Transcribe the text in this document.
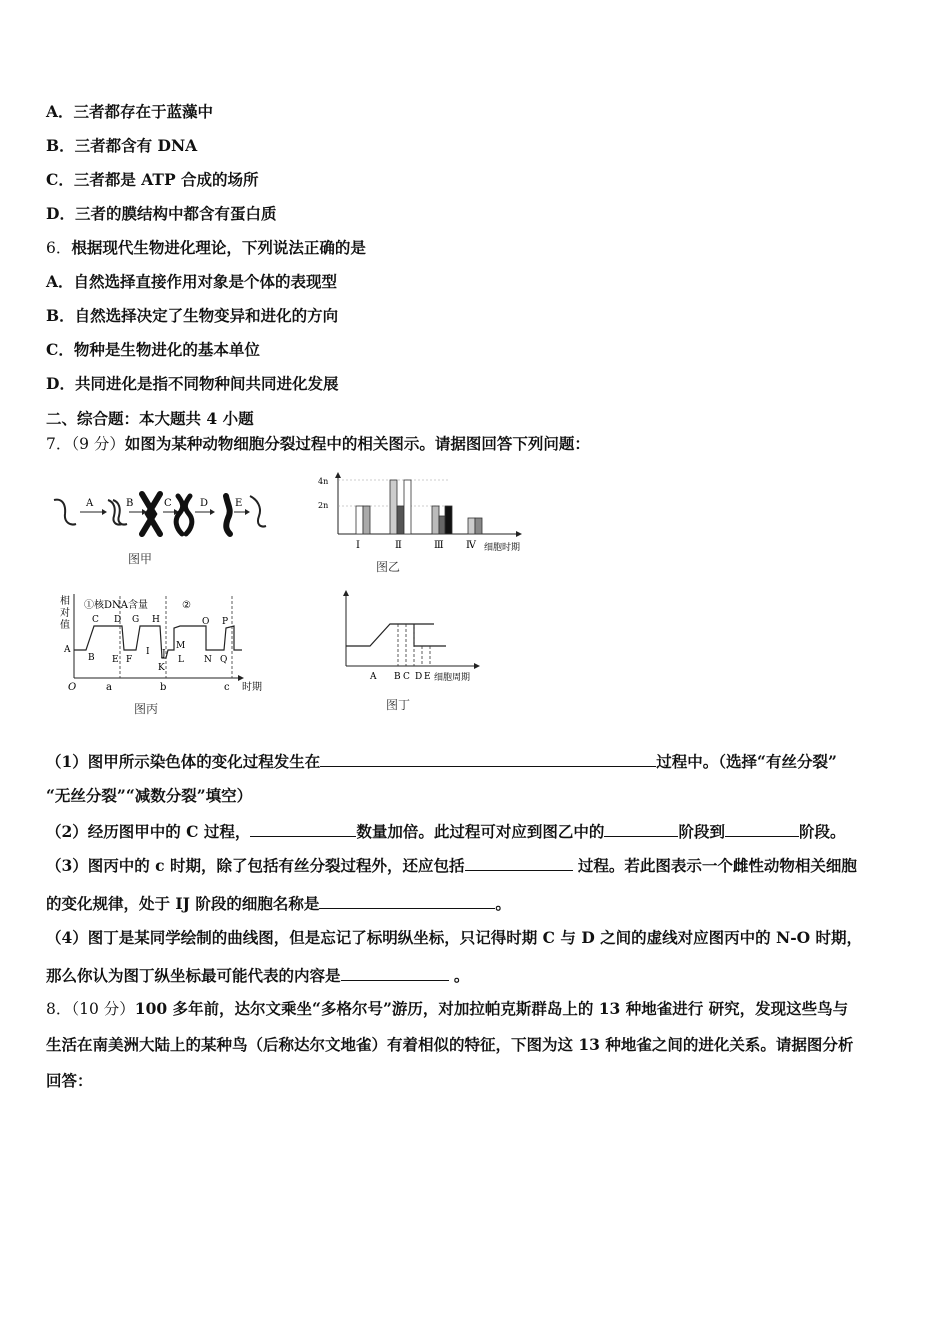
A．三者都存在于蓝藻中
B．三者都含有 DNA
C．三者都是 ATP 合成的场所
D．三者的膜结构中都含有蛋白质
6．根据现代生物进化理论，下列说法正确的是
A．自然选择直接作用对象是个体的表现型
B．自然选择决定了生物变异和进化的方向
C．物种是生物进化的基本单位
D．共同进化是指不同物种间共同进化发展
二、综合题：本大题共 4 小题
7．（9 分）如图为某种动物细胞分裂过程中的相关图示。请据图回答下列问题：
A	B	C	D	E
图甲
4n
2n
Ⅰ	Ⅱ	Ⅲ Ⅳ 细胞时期
图乙
相
对
值
①核DNA含量	②
C D G H
M
O P
A
B E F
I J
K
L N Q
O	a	b	c 时期
图丙
A B C D E 细胞周期
图丁
（1）图甲所示染色体的变化过程发生在	过程中。（选择“有丝分裂”
“无丝分裂”“减数分裂”填空）
（2）经历图甲中的 C 过程，	数量加倍。此过程可对应到图乙中的	阶段到	阶段。
（3）图丙中的 c 时期，除了包括有丝分裂过程外，还应包括	过程。若此图表示一个雌性动物相关细胞
的变化规律，处于 IJ 阶段的细胞名称是	。
（4）图丁是某同学绘制的曲线图，但是忘记了标明纵坐标，只记得时期 C 与 D 之间的虚线对应图丙中的 N-O 时期，
那么你认为图丁纵坐标最可能代表的内容是	。
8．（10 分）100 多年前，达尔文乘坐“多格尔号”游历，对加拉帕克斯群岛上的 13 种地雀进行 研究，发现这些鸟与
生活在南美洲大陆上的某种鸟（后称达尔文地雀）有着相似的特征，下图为这 13 种地雀之间的进化关系。请据图分析
回答：
